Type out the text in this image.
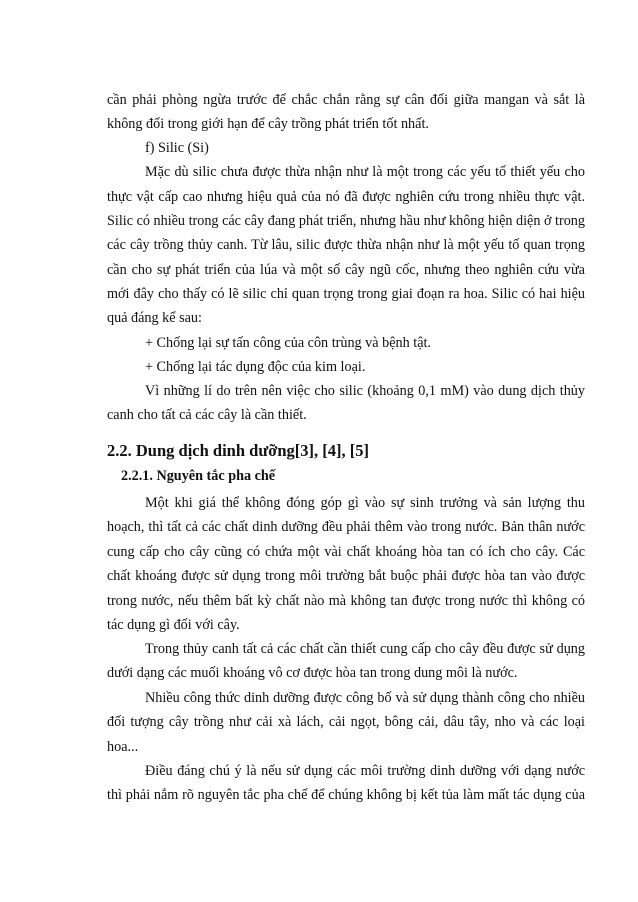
cần phải phòng ngừa trước để chắc chắn rằng sự cân đối giữa mangan và sắt là
không đổi trong giới hạn để cây trồng phát triển tốt nhất.
f) Silic (Si)
Mặc dù silic chưa được thừa nhận như là một trong các yếu tố thiết yếu cho
thực vật cấp cao nhưng hiệu quả của nó đã được nghiên cứu trong nhiều thực vật.
Silic có nhiều trong các cây đang phát triển, nhưng hầu như không hiện diện ở trong
các cây trồng thủy canh. Từ lâu, silic được thừa nhận như là một yếu tố quan trọng
cần cho sự phát triển của lúa và một số cây ngũ cốc, nhưng theo nghiên cứu vừa
mới đây cho thấy có lẽ silic chỉ quan trọng trong giai đoạn ra hoa. Silic có hai hiệu
quả đáng kể sau:
+ Chống lại sự tấn công của côn trùng và bệnh tật.
+ Chống lại tác dụng độc của kim loại.
Vì những lí do trên nên việc cho silic (khoảng 0,1 mM) vào dung dịch thủy
canh cho tất cả các cây là cần thiết.
2.2. Dung dịch dinh dưỡng[3], [4], [5]
2.2.1. Nguyên tắc pha chế
Một khi giá thể không đóng góp gì vào sự sinh trưởng và sản lượng thu
hoạch, thì tất cả các chất dinh dưỡng đều phải thêm vào trong nước. Bản thân nước
cung cấp cho cây cũng có chứa một vài chất khoáng hòa tan có ích cho cây. Các
chất khoáng được sử dụng trong môi trường bắt buộc phải được hòa tan vào được
trong nước, nếu thêm bất kỳ chất nào mà không tan được trong nước thì không có
tác dụng gì đối với cây.
Trong thủy canh tất cả các chất cần thiết cung cấp cho cây đều được sử dụng
dưới dạng các muối khoáng vô cơ được hòa tan trong dung môi là nước.
Nhiều công thức dinh dưỡng được công bố và sử dụng thành công cho nhiều
đối tượng cây trồng như cải xà lách, cải ngọt, bông cải, dâu tây, nho và các loại
hoa...
Điều đáng chú ý là nếu sử dụng các môi trường dinh dưỡng với dạng nước
thì phải nắm rõ nguyên tắc pha chế để chúng không bị kết tủa làm mất tác dụng của
